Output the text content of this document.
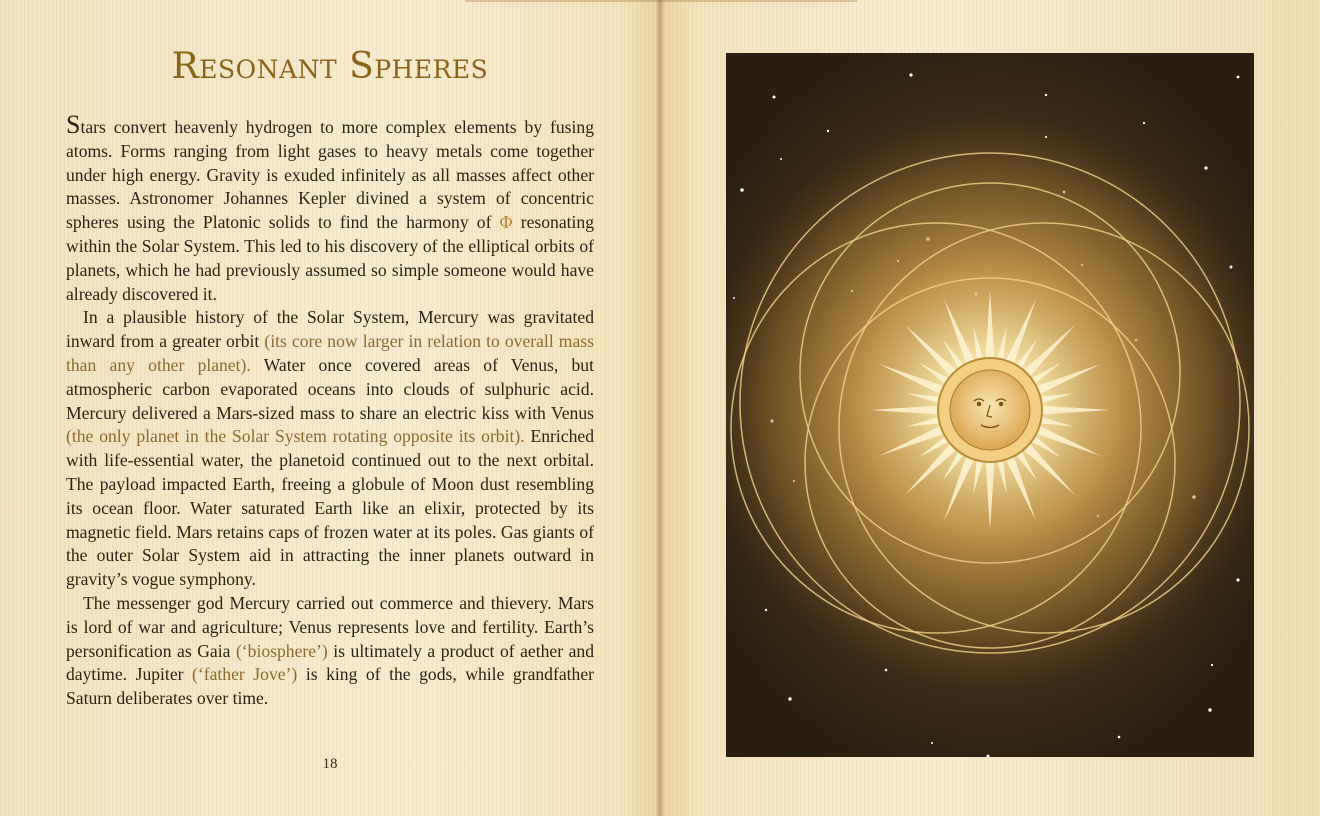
Resonant Spheres

Stars convert heavenly hydrogen to more complex elements by fusing atoms. Forms ranging from light gases to heavy metals come together under high energy. Gravity is exuded infinitely as all masses affect other masses. Astronomer Johannes Kepler divined a system of concentric spheres using the Platonic solids to find the harmony of Φ resonating within the Solar System. This led to his discovery of the elliptical orbits of planets, which he had previously assumed so simple someone would have already discovered it.

In a plausible history of the Solar System, Mercury was gravitated inward from a greater orbit (its core now larger in relation to overall mass than any other planet). Water once covered areas of Venus, but atmospheric carbon evaporated oceans into clouds of sulphuric acid. Mercury delivered a Mars-sized mass to share an electric kiss with Venus (the only planet in the Solar System rotating opposite its orbit). Enriched with life-essential water, the planetoid continued out to the next orbital. The payload impacted Earth, freeing a globule of Moon dust resembling its ocean floor. Water saturated Earth like an elixir, protected by its magnetic field. Mars retains caps of frozen water at its poles. Gas giants of the outer Solar System aid in attracting the inner planets outward in gravity’s vogue symphony.

The messenger god Mercury carried out commerce and thievery. Mars is lord of war and agriculture; Venus represents love and fertility. Earth’s personification as Gaia (‘biosphere’) is ultimately a product of aether and daytime. Jupiter (‘father Jove’) is king of the gods, while grandfather Saturn deliberates over time.

18
